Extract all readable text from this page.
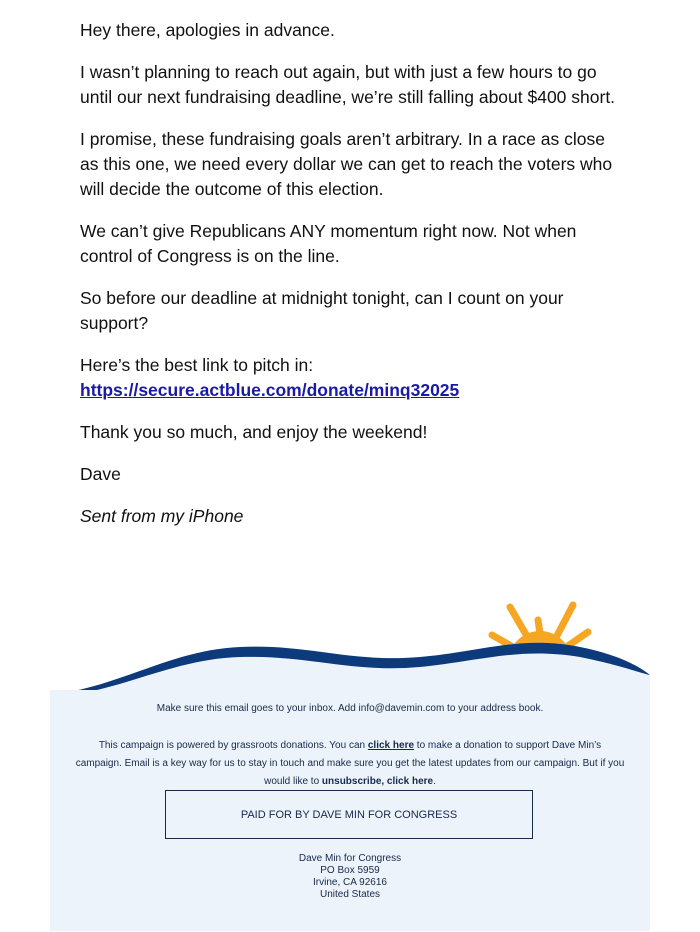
Hey there, apologies in advance.

I wasn’t planning to reach out again, but with just a few hours to go until our next fundraising deadline, we’re still falling about $400 short.

I promise, these fundraising goals aren’t arbitrary. In a race as close as this one, we need every dollar we can get to reach the voters who will decide the outcome of this election.

We can’t give Republicans ANY momentum right now. Not when control of Congress is on the line.

So before our deadline at midnight tonight, can I count on your support?

Here’s the best link to pitch in:
https://secure.actblue.com/donate/minq32025

Thank you so much, and enjoy the weekend!

Dave

Sent from my iPhone

Make sure this email goes to your inbox. Add info@davemin.com to your address book.
This campaign is powered by grassroots donations. You can click here to make a donation to support Dave Min’s campaign. Email is a key way for us to stay in touch and make sure you get the latest updates from our campaign. But if you would like to unsubscribe, click here.
PAID FOR BY DAVE MIN FOR CONGRESS
Dave Min for Congress
PO Box 5959
Irvine, CA 92616
United States
